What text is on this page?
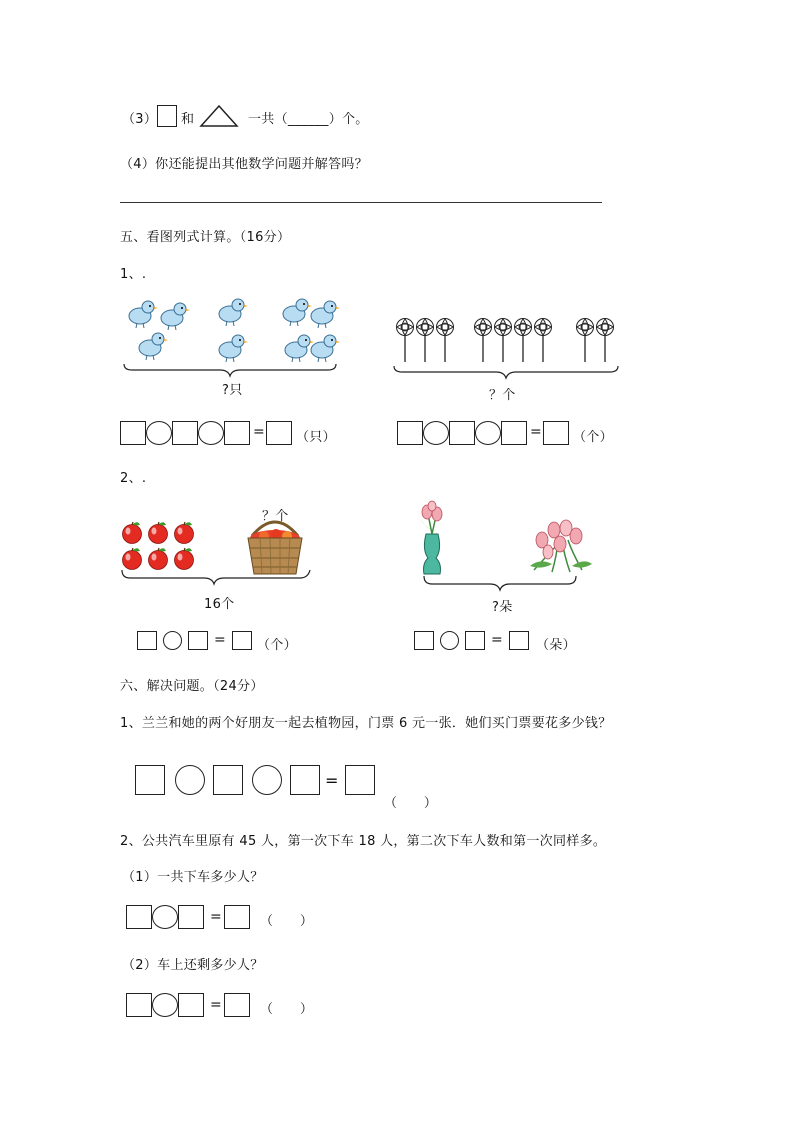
（3） 和	一共（______）个。
（4）你还能提出其他数学问题并解答吗？
五、看图列式计算。（16分）
1、.
?只
= （只）
？个
= （个）
2、.
？个
16个
= （个）
?朵
=	（朵）
六、解决问题。（24分）
1、兰兰和她的两个好朋友一起去植物园，门票 6 元一张．她们买门票要花多少钱？
=
（　　）
2、公共汽车里原有 45 人，第一次下车 18 人，第二次下车人数和第一次同样多。
（1）一共下车多少人？
=	（　　）
（2）车上还剩多少人？
=	（　　）
